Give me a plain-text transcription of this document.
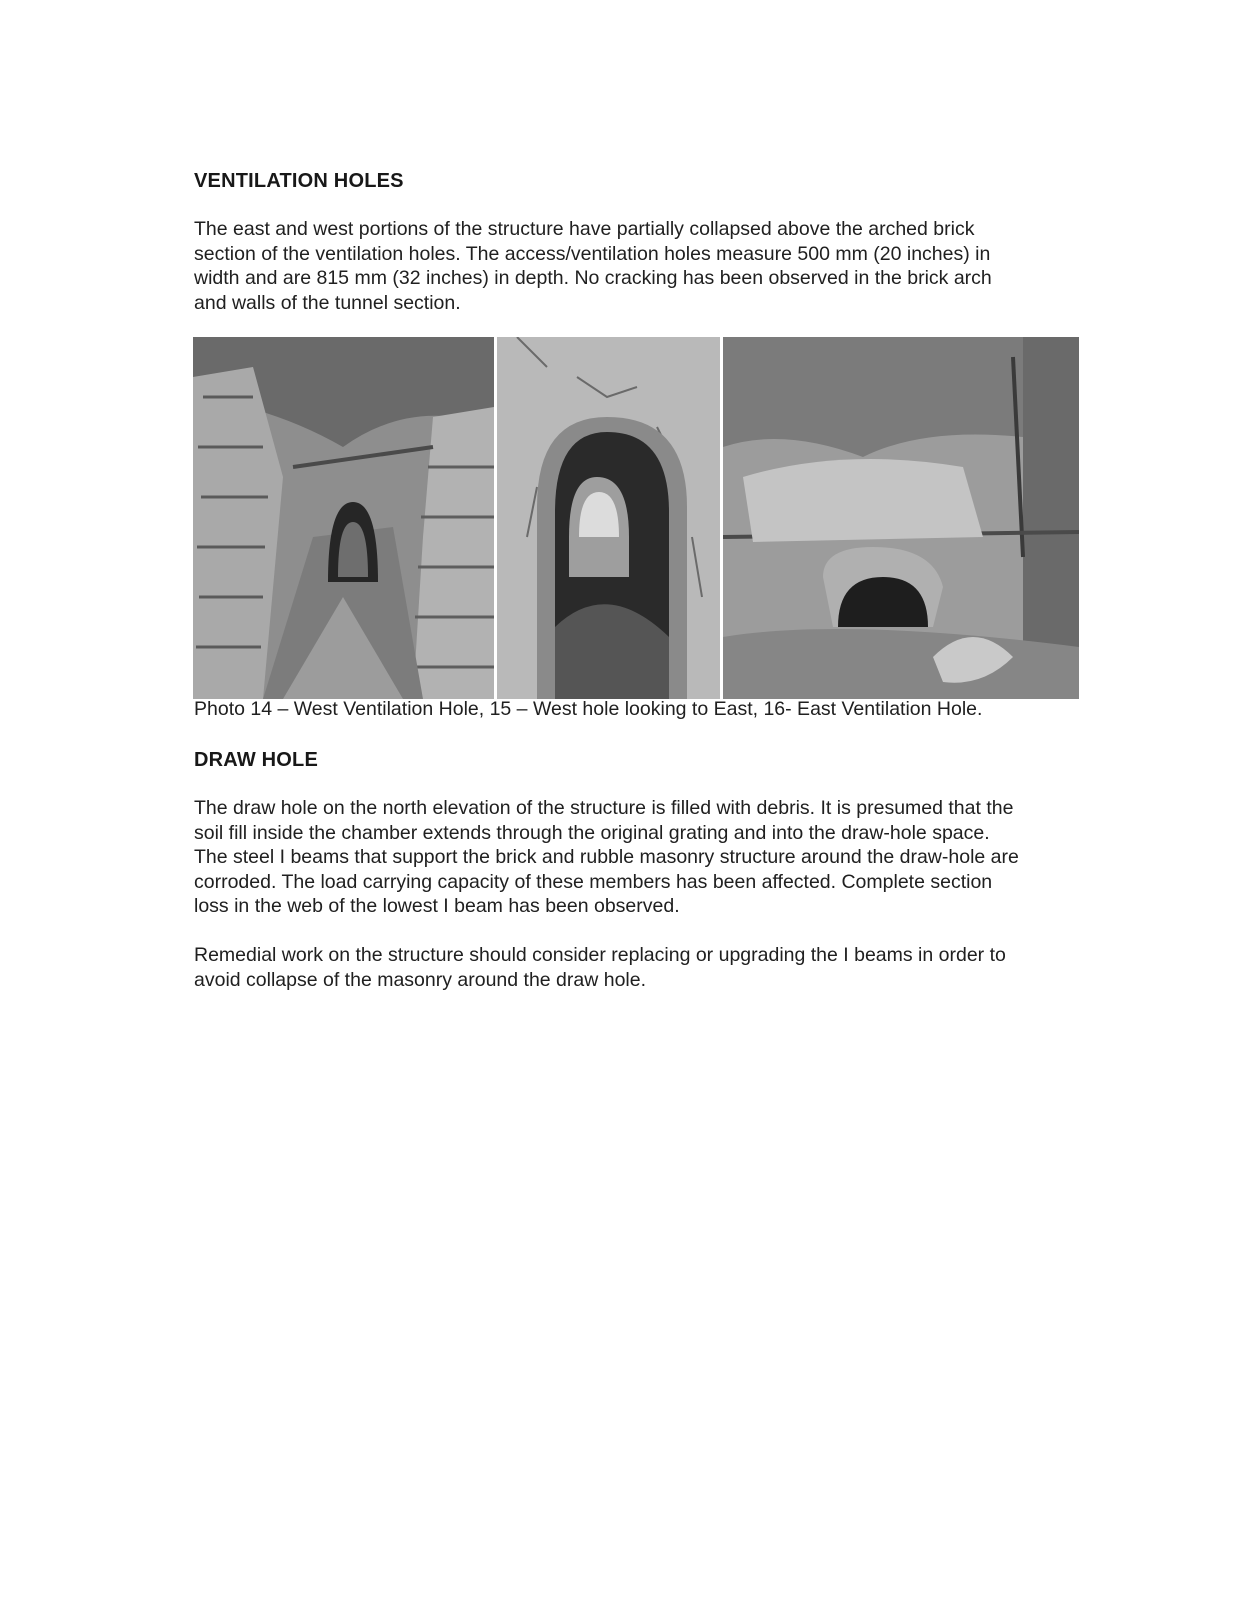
VENTILATION HOLES

The east and west portions of the structure have partially collapsed above the arched brick
section of the ventilation holes. The access/ventilation holes measure 500 mm (20 inches) in
width and are 815 mm (32 inches) in depth. No cracking has been observed in the brick arch
and walls of the tunnel section.

Photo 14 – West Ventilation Hole, 15 – West hole looking to East, 16- East Ventilation Hole.

DRAW HOLE

The draw hole on the north elevation of the structure is filled with debris. It is presumed that the
soil fill inside the chamber extends through the original grating and into the draw-hole space.
The steel I beams that support the brick and rubble masonry structure around the draw-hole are
corroded. The load carrying capacity of these members has been affected. Complete section
loss in the web of the lowest I beam has been observed.

Remedial work on the structure should consider replacing or upgrading the I beams in order to
avoid collapse of the masonry around the draw hole.
